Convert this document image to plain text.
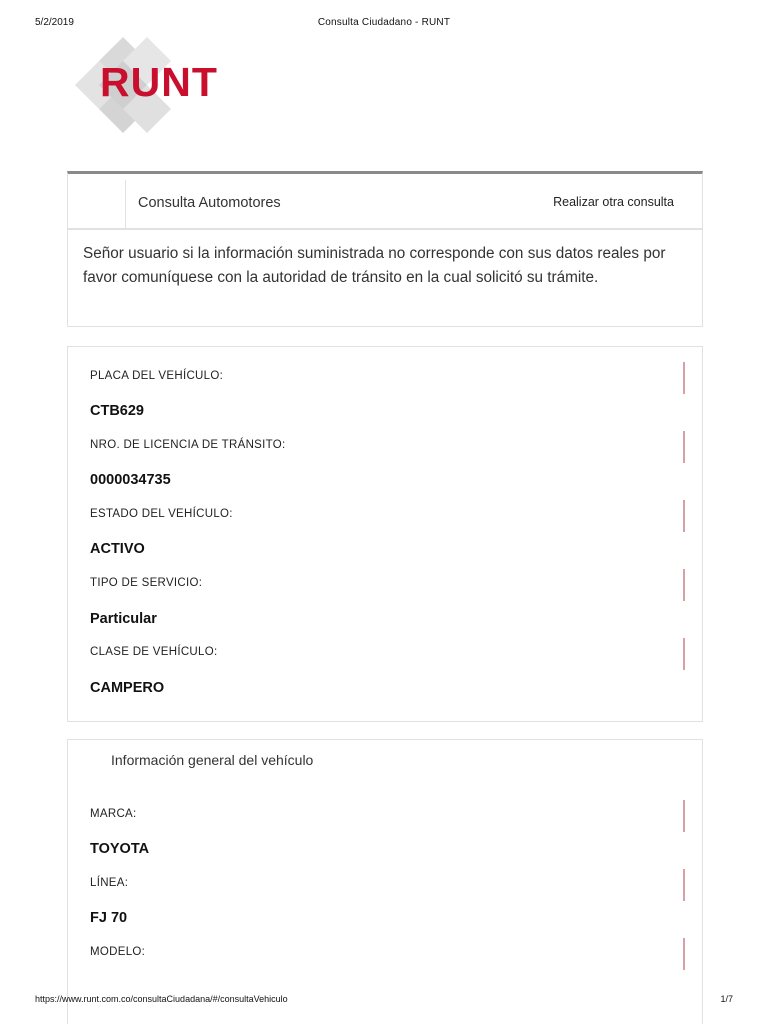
5/2/2019	Consulta Ciudadano - RUNT
RUNT
Consulta Automotores	Realizar otra consulta

Señor usuario si la información suministrada no corresponde con sus datos reales por favor comuníquese con la autoridad de tránsito en la cual solicitó su trámite.

PLACA DEL VEHÍCULO:
CTB629
NRO. DE LICENCIA DE TRÁNSITO:
0000034735
ESTADO DEL VEHÍCULO:
ACTIVO
TIPO DE SERVICIO:
Particular
CLASE DE VEHÍCULO:
CAMPERO
Información general del vehículo
MARCA:
TOYOTA
LÍNEA:
FJ 70
MODELO:
https://www.runt.com.co/consultaCiudadana/#/consultaVehiculo	1/7
